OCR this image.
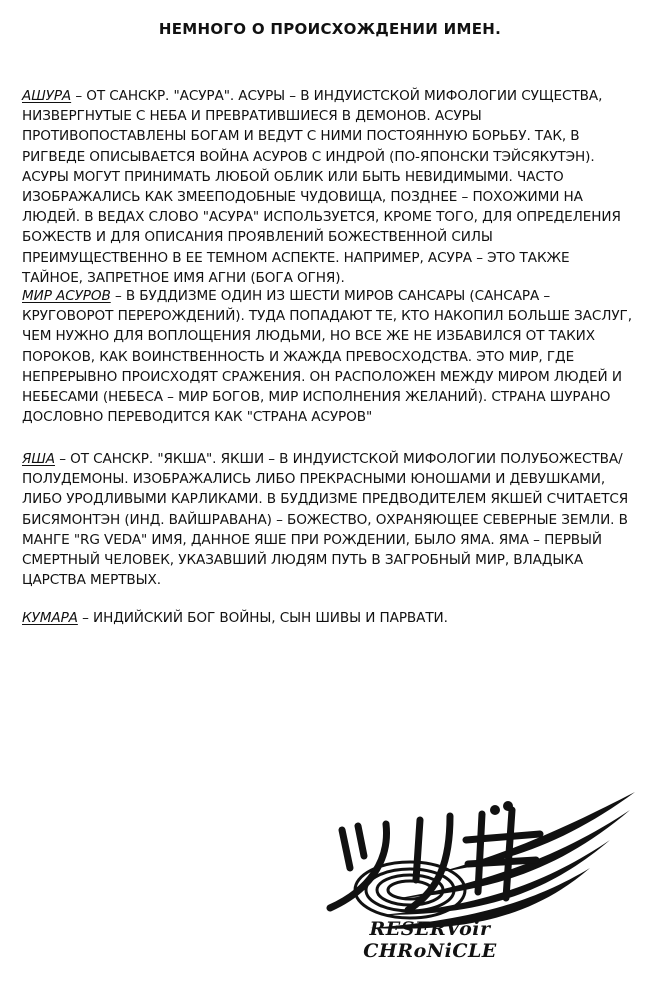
НЕМНОГО О ПРОИСХОЖДЕНИИ ИМЕН.
АШУРА – ОТ САНСКР. "АСУРА". АСУРЫ – В ИНДУИСТСКОЙ МИФОЛОГИИ СУЩЕСТВА, НИЗВЕРГНУТЫЕ С НЕБА И ПРЕВРАТИВШИЕСЯ В ДЕМОНОВ. АСУРЫ ПРОТИВОПОСТАВЛЕНЫ БОГАМ И ВЕДУТ С НИМИ ПОСТОЯННУЮ БОРЬБУ. ТАК, В РИГВЕДЕ ОПИСЫВАЕТСЯ ВОЙНА АСУРОВ С ИНДРОЙ (ПО-ЯПОНСКИ ТЭЙСЯКУТЭН). АСУРЫ МОГУТ ПРИНИМАТЬ ЛЮБОЙ ОБЛИК ИЛИ БЫТЬ НЕВИДИМЫМИ. ЧАСТО ИЗОБРАЖАЛИСЬ КАК ЗМЕЕПОДОБНЫЕ ЧУДОВИЩА, ПОЗДНЕЕ – ПОХОЖИМИ НА ЛЮДЕЙ. В ВЕДАХ СЛОВО "АСУРА" ИСПОЛЬЗУЕТСЯ, КРОМЕ ТОГО, ДЛЯ ОПРЕДЕЛЕНИЯ БОЖЕСТВ И ДЛЯ ОПИСАНИЯ ПРОЯВЛЕНИЙ БОЖЕСТВЕННОЙ СИЛЫ ПРЕИМУЩЕСТВЕННО В ЕЕ ТЕМНОМ АСПЕКТЕ. НАПРИМЕР, АСУРА – ЭТО ТАКЖЕ ТАЙНОЕ, ЗАПРЕТНОЕ ИМЯ АГНИ (БОГА ОГНЯ).
МИР АСУРОВ – В БУДДИЗМЕ ОДИН ИЗ ШЕСТИ МИРОВ САНСАРЫ (САНСАРА – КРУГОВОРОТ ПЕРЕРОЖДЕНИЙ). ТУДА ПОПАДАЮТ ТЕ, КТО НАКОПИЛ БОЛЬШЕ ЗАСЛУГ, ЧЕМ НУЖНО ДЛЯ ВОПЛОЩЕНИЯ ЛЮДЬМИ, НО ВСЕ ЖЕ НЕ ИЗБАВИЛСЯ ОТ ТАКИХ ПОРОКОВ, КАК ВОИНСТВЕННОСТЬ И ЖАЖДА ПРЕВОСХОДСТВА. ЭТО МИР, ГДЕ НЕПРЕРЫВНО ПРОИСХОДЯТ СРАЖЕНИЯ. ОН РАСПОЛОЖЕН МЕЖДУ МИРОМ ЛЮДЕЙ И НЕБЕСАМИ (НЕБЕСА – МИР БОГОВ, МИР ИСПОЛНЕНИЯ ЖЕЛАНИЙ). СТРАНА ШУРАНО ДОСЛОВНО ПЕРЕВОДИТСЯ КАК "СТРАНА АСУРОВ"
ЯША – ОТ САНСКР. "ЯКША". ЯКШИ – В ИНДУИСТСКОЙ МИФОЛОГИИ ПОЛУБОЖЕСТВА/ПОЛУДЕМОНЫ. ИЗОБРАЖАЛИСЬ ЛИБО ПРЕКРАСНЫМИ ЮНОШАМИ И ДЕВУШКАМИ, ЛИБО УРОДЛИВЫМИ КАРЛИКАМИ. В БУДДИЗМЕ ПРЕДВОДИТЕЛЕМ ЯКШЕЙ СЧИТАЕТСЯ БИСЯМОНТЭН (ИНД. ВАЙШРАВАНА) – БОЖЕСТВО, ОХРАНЯЮЩЕЕ СЕВЕРНЫЕ ЗЕМЛИ. В МАНГЕ "RG VEDA" ИМЯ, ДАННОЕ ЯШЕ ПРИ РОЖДЕНИИ, БЫЛО ЯМА. ЯМА – ПЕРВЫЙ СМЕРТНЫЙ ЧЕЛОВЕК, УКАЗАВШИЙ ЛЮДЯМ ПУТЬ В ЗАГРОБНЫЙ МИР, ВЛАДЫКА ЦАРСТВА МЕРТВЫХ.
КУМАРА – ИНДИЙСКИЙ БОГ ВОЙНЫ, СЫН ШИВЫ И ПАРВАТИ.
RESERVoir CHRoNiCLE
